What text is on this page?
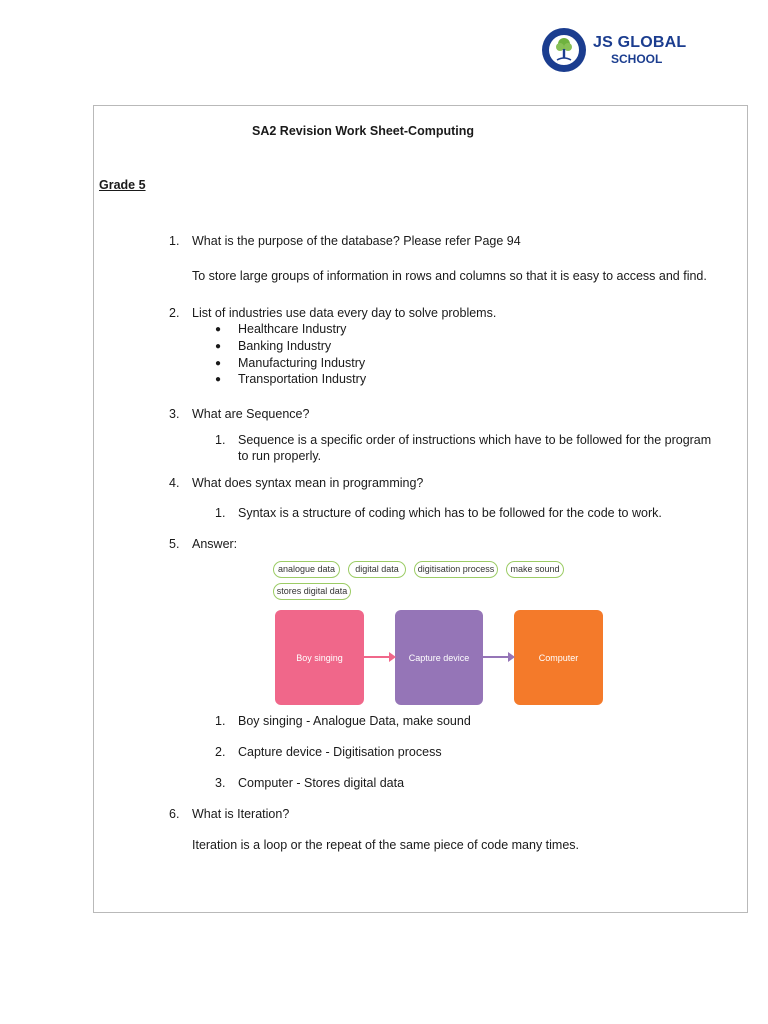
JS GLOBAL
SCHOOL
SA2 Revision Work Sheet-Computing
Grade 5
1. What is the purpose of the database? Please refer Page 94
To store large groups of information in rows and columns so that it is easy to access and find.
2. List of industries use data every day to solve problems.
● Healthcare Industry
● Banking Industry
● Manufacturing Industry
● Transportation Industry
3. What are Sequence?
1. Sequence is a specific order of instructions which have to be followed for the program
to run properly.
4. What does syntax mean in programming?
1. Syntax is a structure of coding which has to be followed for the code to work.
5. Answer:
analogue data	digital data	digitisation process	make sound
stores digital data
Boy singing	Capture device	Computer
1. Boy singing - Analogue Data, make sound
2. Capture device - Digitisation process
3. Computer - Stores digital data
6. What is Iteration?
Iteration is a loop or the repeat of the same piece of code many times.
